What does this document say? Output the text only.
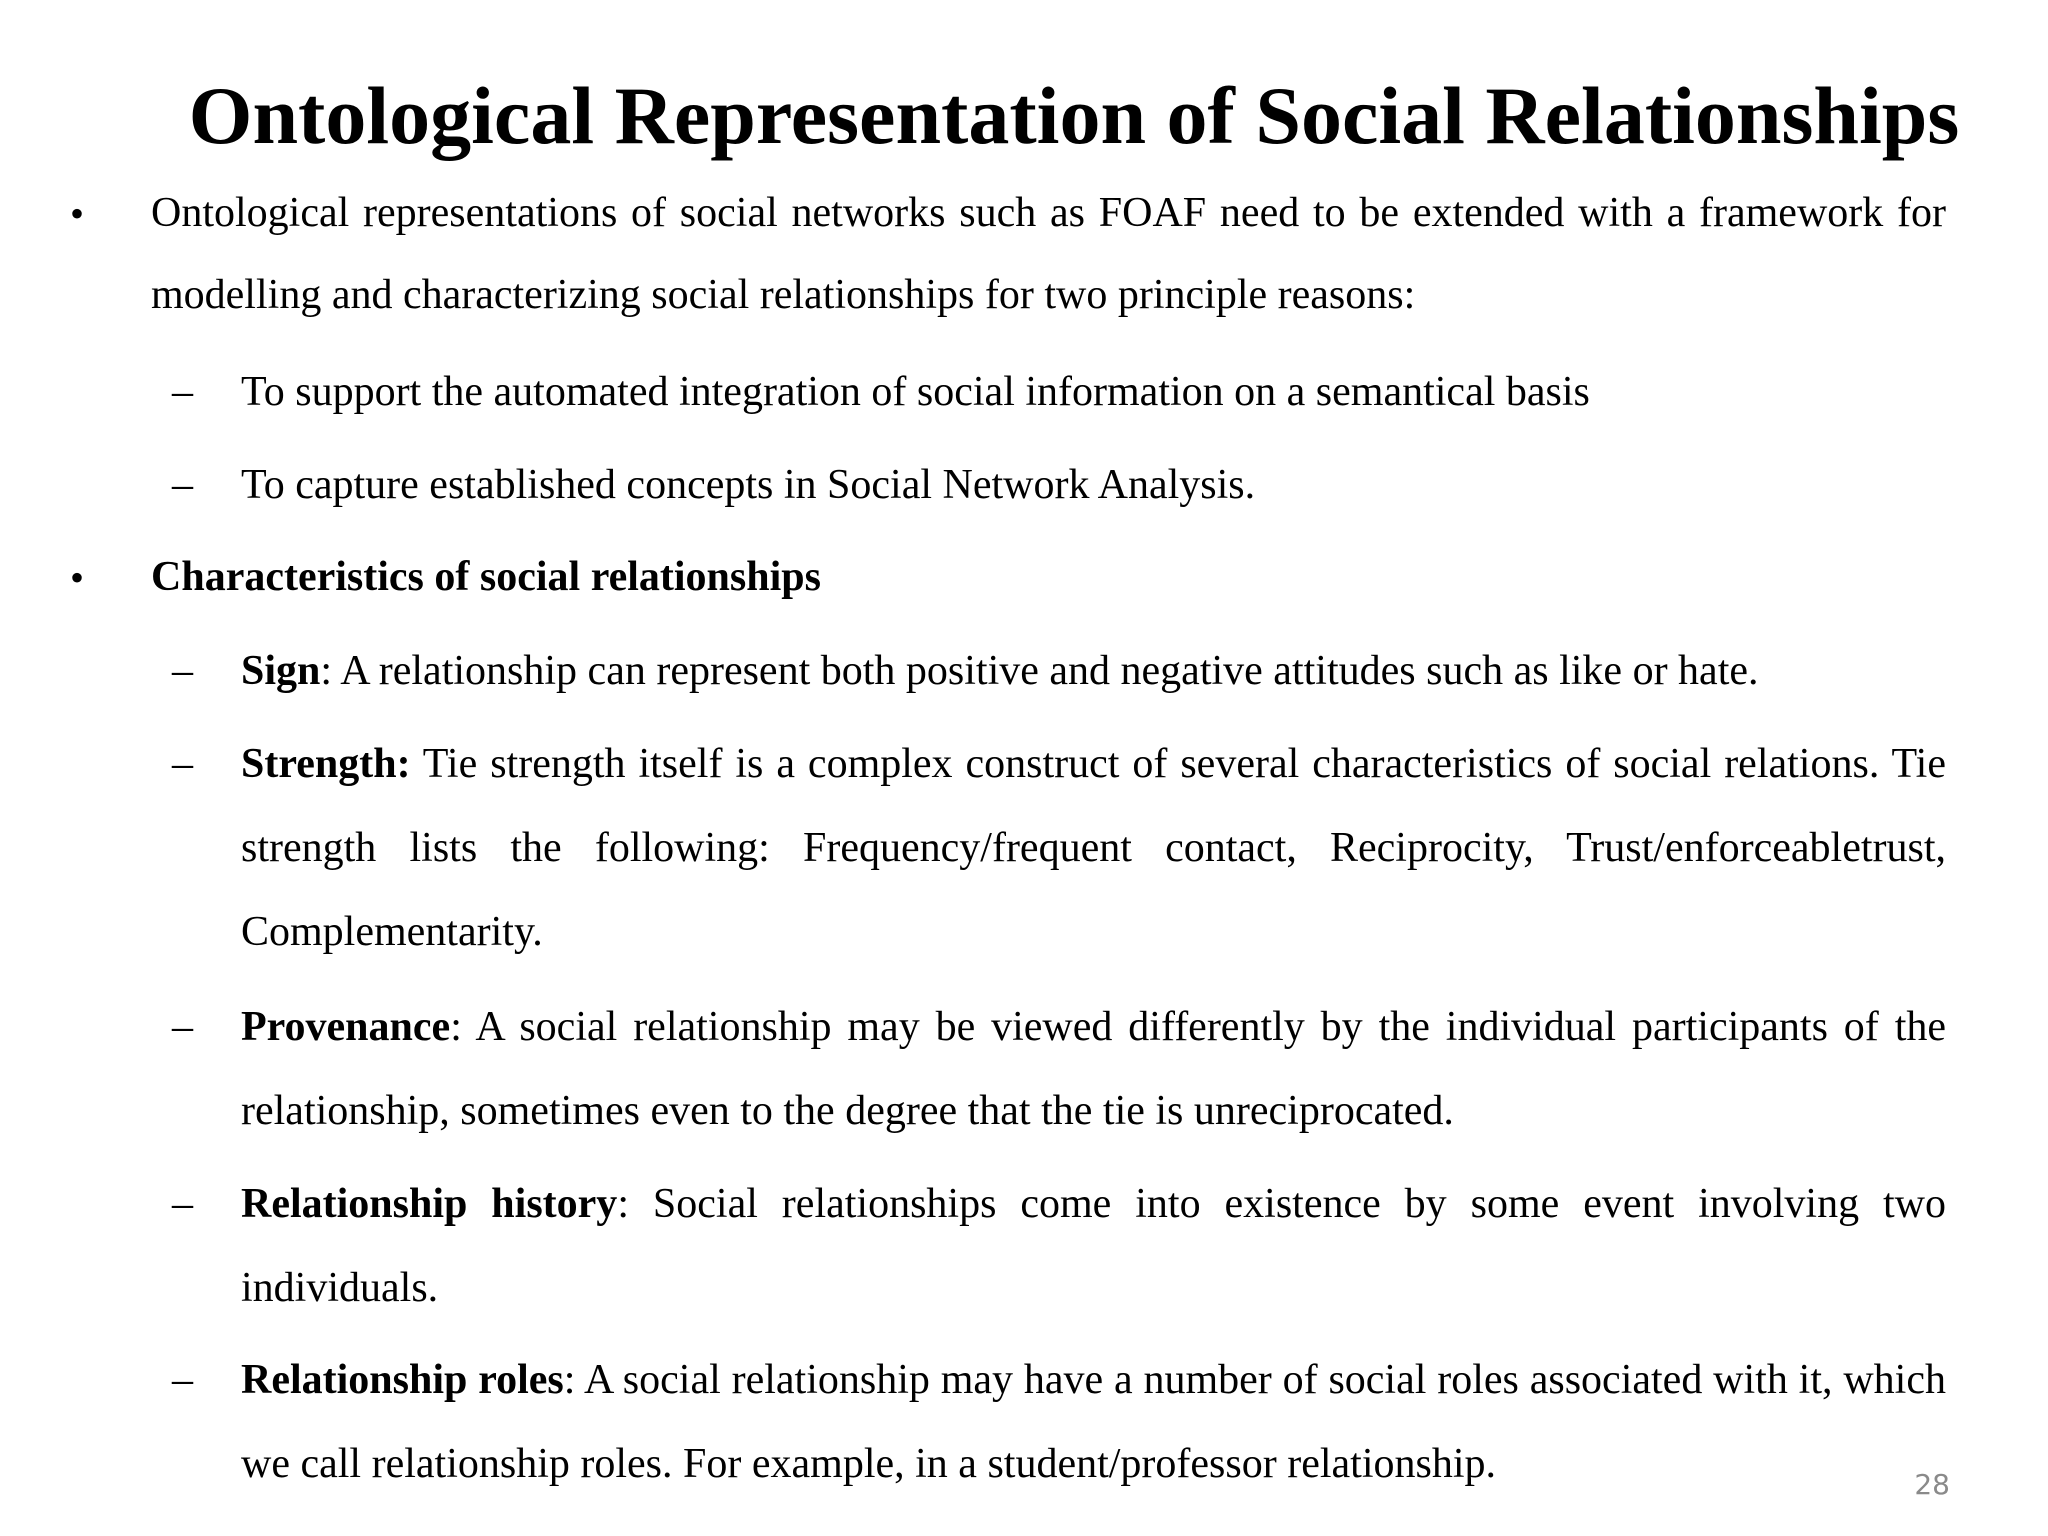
Ontological Representation of Social Relationships
• Ontological representations of social networks such as FOAF need to be extended with a framework for modelling and characterizing social relationships for two principle reasons:
– To support the automated integration of social information on a semantical basis
– To capture established concepts in Social Network Analysis.
• Characteristics of social relationships
– Sign: A relationship can represent both positive and negative attitudes such as like or hate.
– Strength: Tie strength itself is a complex construct of several characteristics of social relations. Tie strength lists the following: Frequency/frequent contact, Reciprocity, Trust/enforceabletrust, Complementarity.
– Provenance: A social relationship may be viewed differently by the individual participants of the relationship, sometimes even to the degree that the tie is unreciprocated.
– Relationship history: Social relationships come into existence by some event involving two individuals.
– Relationship roles: A social relationship may have a number of social roles associated with it, which we call relationship roles. For example, in a student/professor relationship.	28
